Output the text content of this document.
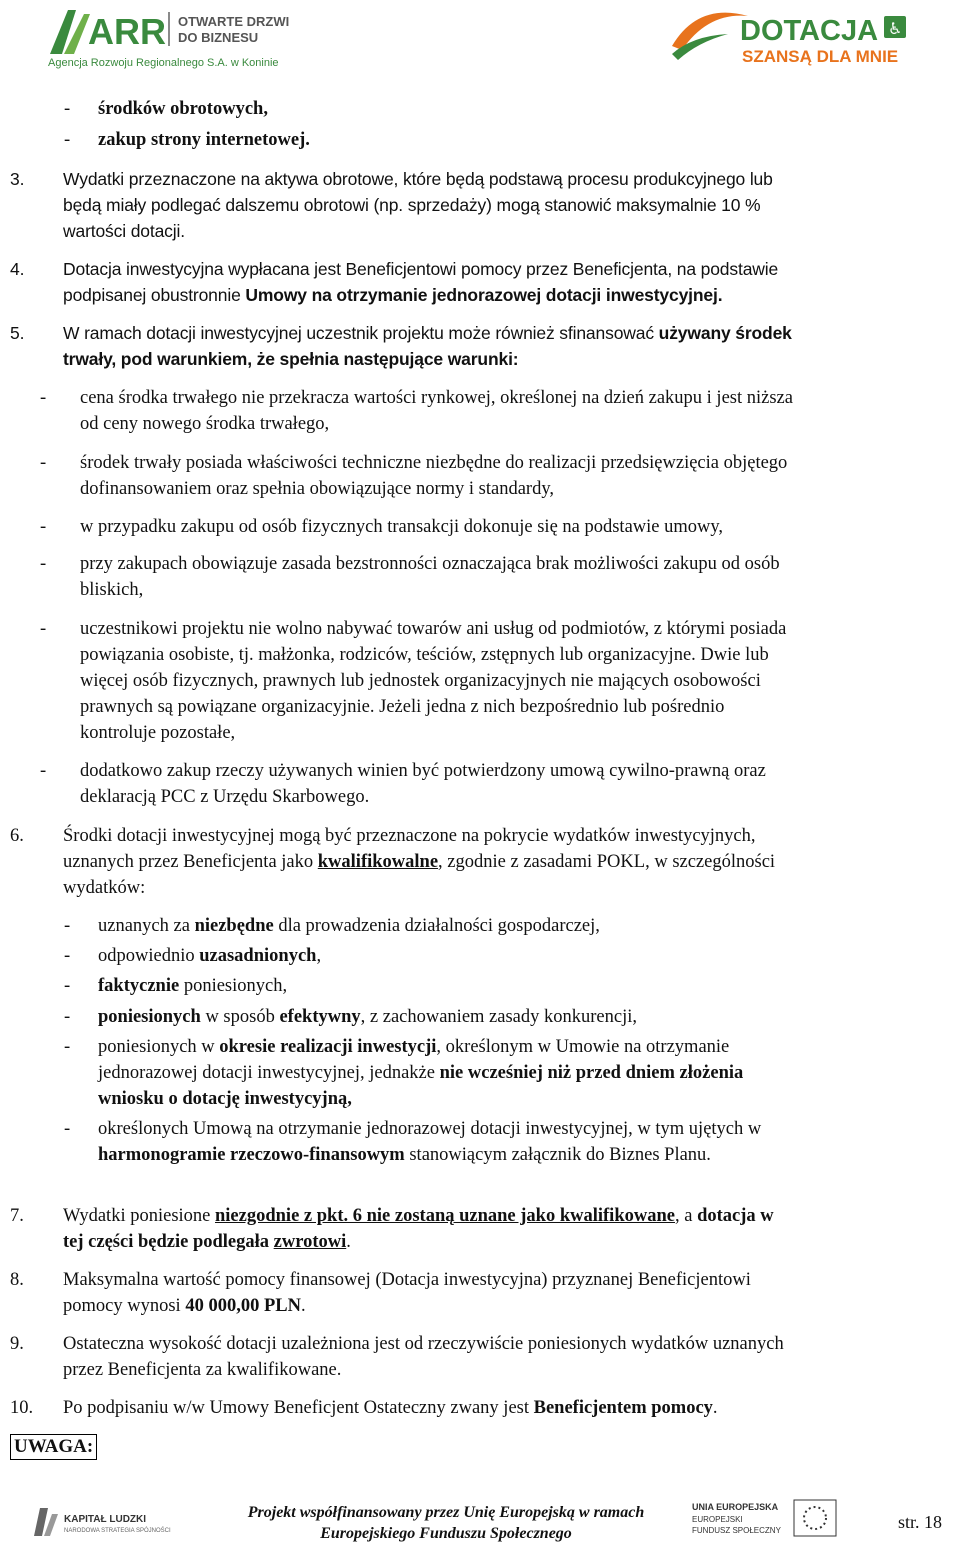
ARR OTWARTE DRZWI
DO BIZNESU
Agencja Rozwoju Regionalnego S.A. w Koninie
DOTACJA ♿
SZANSĄ DLA MNIE
- środków obrotowych,
- zakup strony internetowej.
3. Wydatki przeznaczone na aktywa obrotowe, które będą podstawą procesu produkcyjnego lub
będą miały podlegać dalszemu obrotowi (np. sprzedaży) mogą stanowić maksymalnie 10 %
wartości dotacji.
4. Dotacja inwestycyjna wypłacana jest Beneficjentowi pomocy przez Beneficjenta, na podstawie
podpisanej obustronnie Umowy na otrzymanie jednorazowej dotacji inwestycyjnej.
5. W ramach dotacji inwestycyjnej uczestnik projektu może również sfinansować używany środek
trwały, pod warunkiem, że spełnia następujące warunki:
- cena środka trwałego nie przekracza wartości rynkowej, określonej na dzień zakupu i jest niższa
od ceny nowego środka trwałego,
- środek trwały posiada właściwości techniczne niezbędne do realizacji przedsięwzięcia objętego
dofinansowaniem oraz spełnia obowiązujące normy i standardy,
- w przypadku zakupu od osób fizycznych transakcji dokonuje się na podstawie umowy,
- przy zakupach obowiązuje zasada bezstronności oznaczająca brak możliwości zakupu od osób
bliskich,
- uczestnikowi projektu nie wolno nabywać towarów ani usług od podmiotów, z którymi posiada
powiązania osobiste, tj. małżonka, rodziców, teściów, zstępnych lub organizacyjne. Dwie lub
więcej osób fizycznych, prawnych lub jednostek organizacyjnych nie mających osobowości
prawnych są powiązane organizacyjnie. Jeżeli jedna z nich bezpośrednio lub pośrednio
kontroluje pozostałe,
- dodatkowo zakup rzeczy używanych winien być potwierdzony umową cywilno-prawną oraz
deklaracją PCC z Urzędu Skarbowego.
6. Środki dotacji inwestycyjnej mogą być przeznaczone na pokrycie wydatków inwestycyjnych,
uznanych przez Beneficjenta jako kwalifikowalne, zgodnie z zasadami POKL, w szczególności
wydatków:
- uznanych za niezbędne dla prowadzenia działalności gospodarczej,
- odpowiednio uzasadnionych,
- faktycznie poniesionych,
- poniesionych w sposób efektywny, z zachowaniem zasady konkurencji,
- poniesionych w okresie realizacji inwestycji, określonym w Umowie na otrzymanie
jednorazowej dotacji inwestycyjnej, jednakże nie wcześniej niż przed dniem złożenia
wniosku o dotację inwestycyjną,
- określonych Umową na otrzymanie jednorazowej dotacji inwestycyjnej, w tym ujętych w
harmonogramie rzeczowo-finansowym stanowiącym załącznik do Biznes Planu.
7. Wydatki poniesione niezgodnie z pkt. 6 nie zostaną uznane jako kwalifikowane, a dotacja w
tej części będzie podlegała zwrotowi.
8. Maksymalna wartość pomocy finansowej (Dotacja inwestycyjna) przyznanej Beneficjentowi
pomocy wynosi 40 000,00 PLN.
9. Ostateczna wysokość dotacji uzależniona jest od rzeczywiście poniesionych wydatków uznanych
przez Beneficjenta za kwalifikowane.
10. Po podpisaniu w/w Umowy Beneficjent Ostateczny zwany jest Beneficjentem pomocy.
UWAGA:
KAPITAŁ LUDZKI
NARODOWA STRATEGIA SPÓJNOŚCI
Projekt współfinansowany przez Unię Europejską w ramach
Europejskiego Funduszu Społecznego
UNIA EUROPEJSKA
EUROPEJSKI
FUNDUSZ SPOŁECZNY	str. 18
